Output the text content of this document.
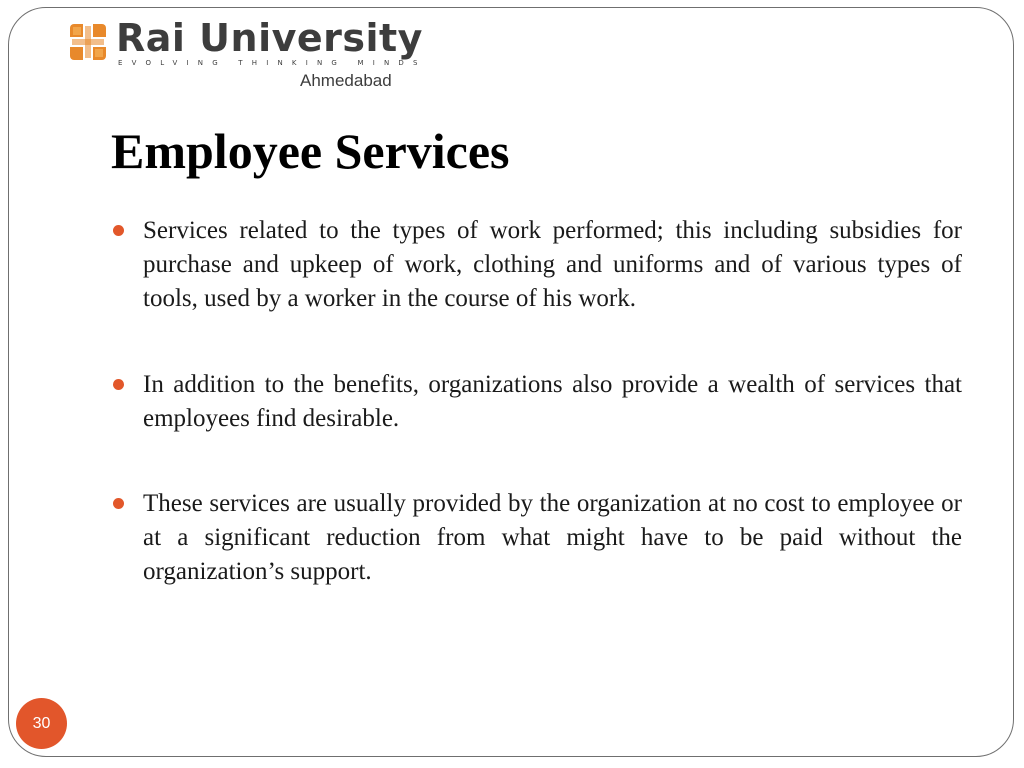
Rai University
EVOLVING THINKING MINDS
Ahmedabad
Employee Services
Services related to the types of work performed; this including subsidies for purchase and upkeep of work, clothing and uniforms and of various types of tools, used by a worker in the course of his work.
In addition to the benefits, organizations also provide a wealth of services that employees find desirable.
These services are usually provided by the organization at no cost to employee or at a significant reduction from what might have to be paid without the organization’s support.
30
